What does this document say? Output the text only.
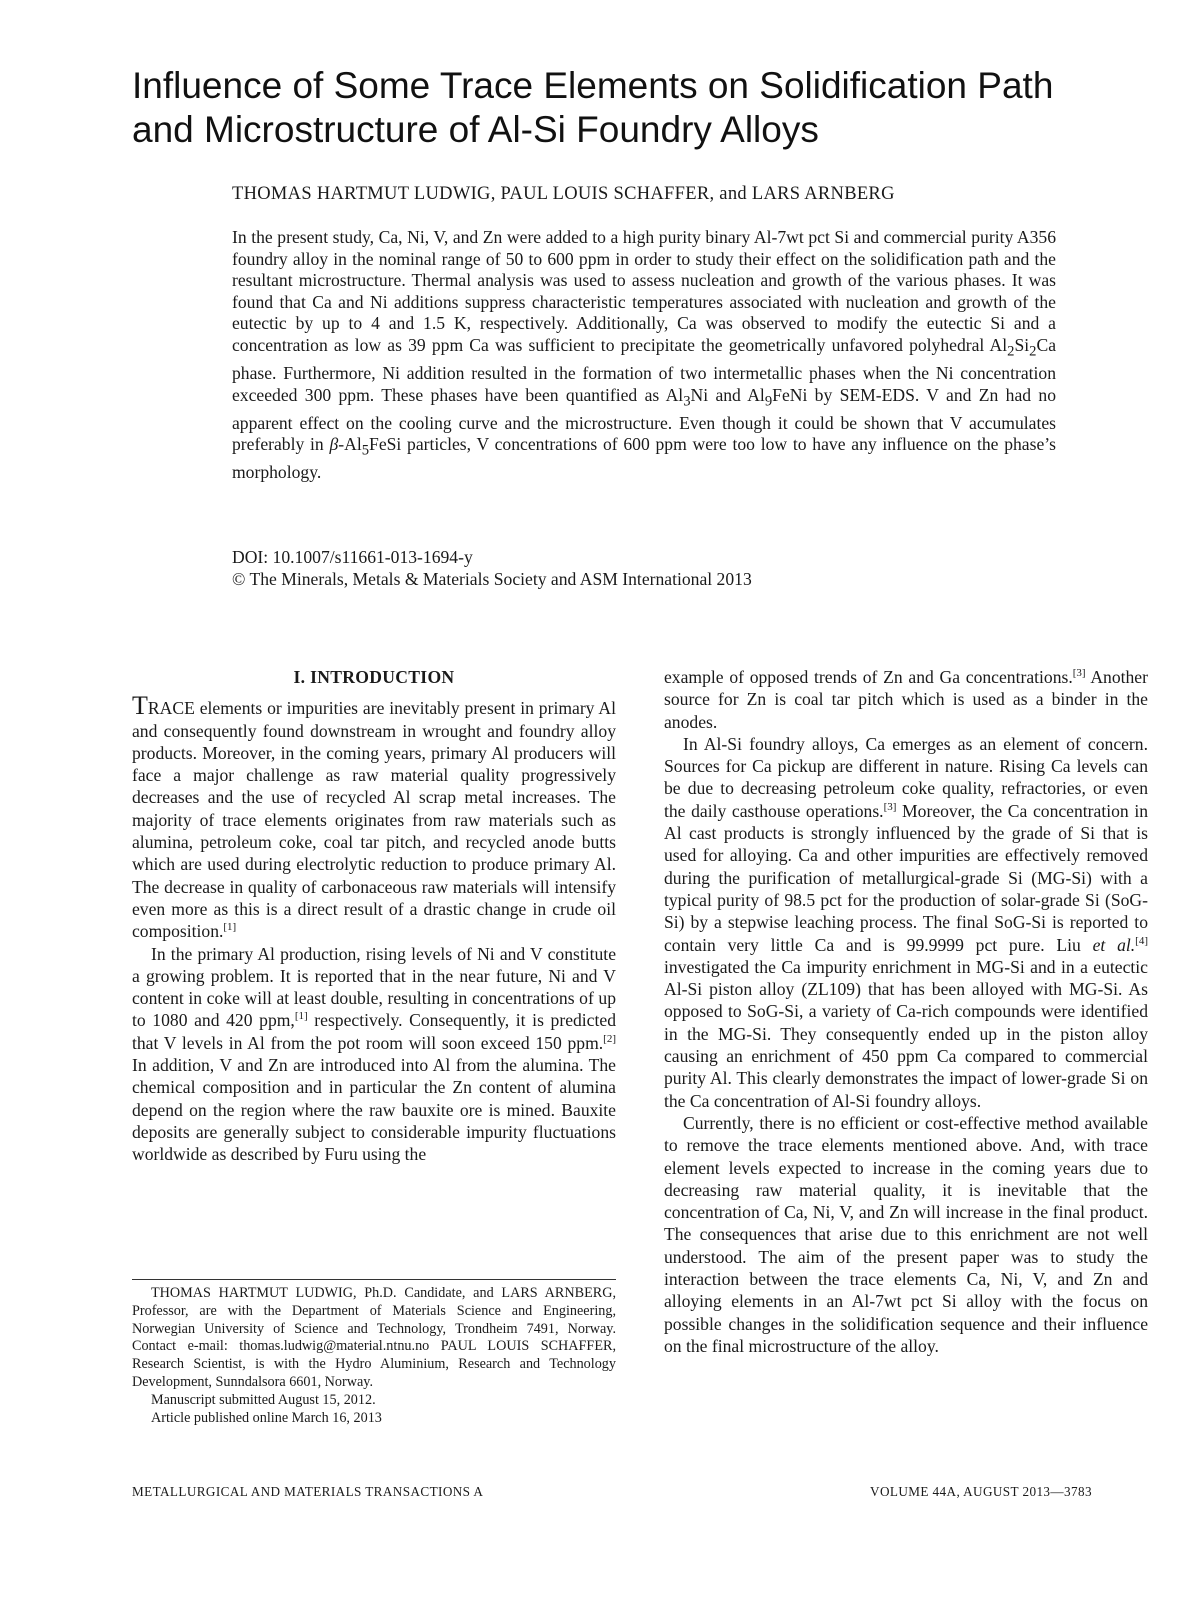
Influence of Some Trace Elements on Solidification Path and Microstructure of Al-Si Foundry Alloys
THOMAS HARTMUT LUDWIG, PAUL LOUIS SCHAFFER, and LARS ARNBERG
In the present study, Ca, Ni, V, and Zn were added to a high purity binary Al-7wt pct Si and commercial purity A356 foundry alloy in the nominal range of 50 to 600 ppm in order to study their effect on the solidification path and the resultant microstructure. Thermal analysis was used to assess nucleation and growth of the various phases. It was found that Ca and Ni additions suppress characteristic temperatures associated with nucleation and growth of the eutectic by up to 4 and 1.5 K, respectively. Additionally, Ca was observed to modify the eutectic Si and a concentration as low as 39 ppm Ca was sufficient to precipitate the geometrically unfavored polyhedral $Al_2Si_2Ca$ phase. Furthermore, Ni addition resulted in the formation of two intermetallic phases when the Ni concentration exceeded 300 ppm. These phases have been quantified as $Al_3Ni$ and $Al_9FeNi$ by SEM-EDS. V and Zn had no apparent effect on the cooling curve and the microstructure. Even though it could be shown that V accumulates preferably in $\beta-Al_5FeSi$ particles, V concentrations of 600 ppm were too low to have any influence on the phase’s morphology.
DOI: 10.1007/s11661-013-1694-y
© The Minerals, Metals & Materials Society and ASM International 2013
I. INTRODUCTION

TRACE elements or impurities are inevitably present in primary Al and consequently found downstream in wrought and foundry alloy products. Moreover, in the coming years, primary Al producers will face a major challenge as raw material quality progressively decreases and the use of recycled Al scrap metal increases. The majority of trace elements originates from raw materials such as alumina, petroleum coke, coal tar pitch, and recycled anode butts which are used during electrolytic reduction to produce primary Al. The decrease in quality of carbonaceous raw materials will intensify even more as this is a direct result of a drastic change in crude oil composition.[1]

In the primary Al production, rising levels of Ni and V constitute a growing problem. It is reported that in the near future, Ni and V content in coke will at least double, resulting in concentrations of up to 1080 and 420 ppm,[1] respectively. Consequently, it is predicted that V levels in Al from the pot room will soon exceed 150 ppm.[2] In addition, V and Zn are introduced into Al from the alumina. The chemical composition and in particular the Zn content of alumina depend on the region where the raw bauxite ore is mined. Bauxite deposits are generally subject to considerable impurity fluctuations worldwide as described by Furu using the

THOMAS HARTMUT LUDWIG, Ph.D. Candidate, and LARS ARNBERG, Professor, are with the Department of Materials Science and Engineering, Norwegian University of Science and Technology, Trondheim 7491, Norway. Contact e-mail: thomas.ludwig@material.ntnu.no PAUL LOUIS SCHAFFER, Research Scientist, is with the Hydro Aluminium, Research and Technology Development, Sunndalsora 6601, Norway.

Manuscript submitted August 15, 2012.

Article published online March 16, 2013

example of opposed trends of Zn and Ga concentrations.[3] Another source for Zn is coal tar pitch which is used as a binder in the anodes.

In Al-Si foundry alloys, Ca emerges as an element of concern. Sources for Ca pickup are different in nature. Rising Ca levels can be due to decreasing petroleum coke quality, refractories, or even the daily casthouse operations.[3] Moreover, the Ca concentration in Al cast products is strongly influenced by the grade of Si that is used for alloying. Ca and other impurities are effectively removed during the purification of metallurgical-grade Si (MG-Si) with a typical purity of 98.5 pct for the production of solar-grade Si (SoG-Si) by a stepwise leaching process. The final SoG-Si is reported to contain very little Ca and is 99.9999 pct pure. Liu et al.[4] investigated the Ca impurity enrichment in MG-Si and in a eutectic Al-Si piston alloy (ZL109) that has been alloyed with MG-Si. As opposed to SoG-Si, a variety of Ca-rich compounds were identified in the MG-Si. They consequently ended up in the piston alloy causing an enrichment of 450 ppm Ca compared to commercial purity Al. This clearly demonstrates the impact of lower-grade Si on the Ca concentration of Al-Si foundry alloys.

Currently, there is no efficient or cost-effective method available to remove the trace elements mentioned above. And, with trace element levels expected to increase in the coming years due to decreasing raw material quality, it is inevitable that the concentration of Ca, Ni, V, and Zn will increase in the final product. The consequences that arise due to this enrichment are not well understood. The aim of the present paper was to study the interaction between the trace elements Ca, Ni, V, and Zn and alloying elements in an Al-7wt pct Si alloy with the focus on possible changes in the solidification sequence and their influence on the final microstructure of the alloy.

METALLURGICAL AND MATERIALS TRANSACTIONS A	VOLUME 44A, AUGUST 2013—3783
